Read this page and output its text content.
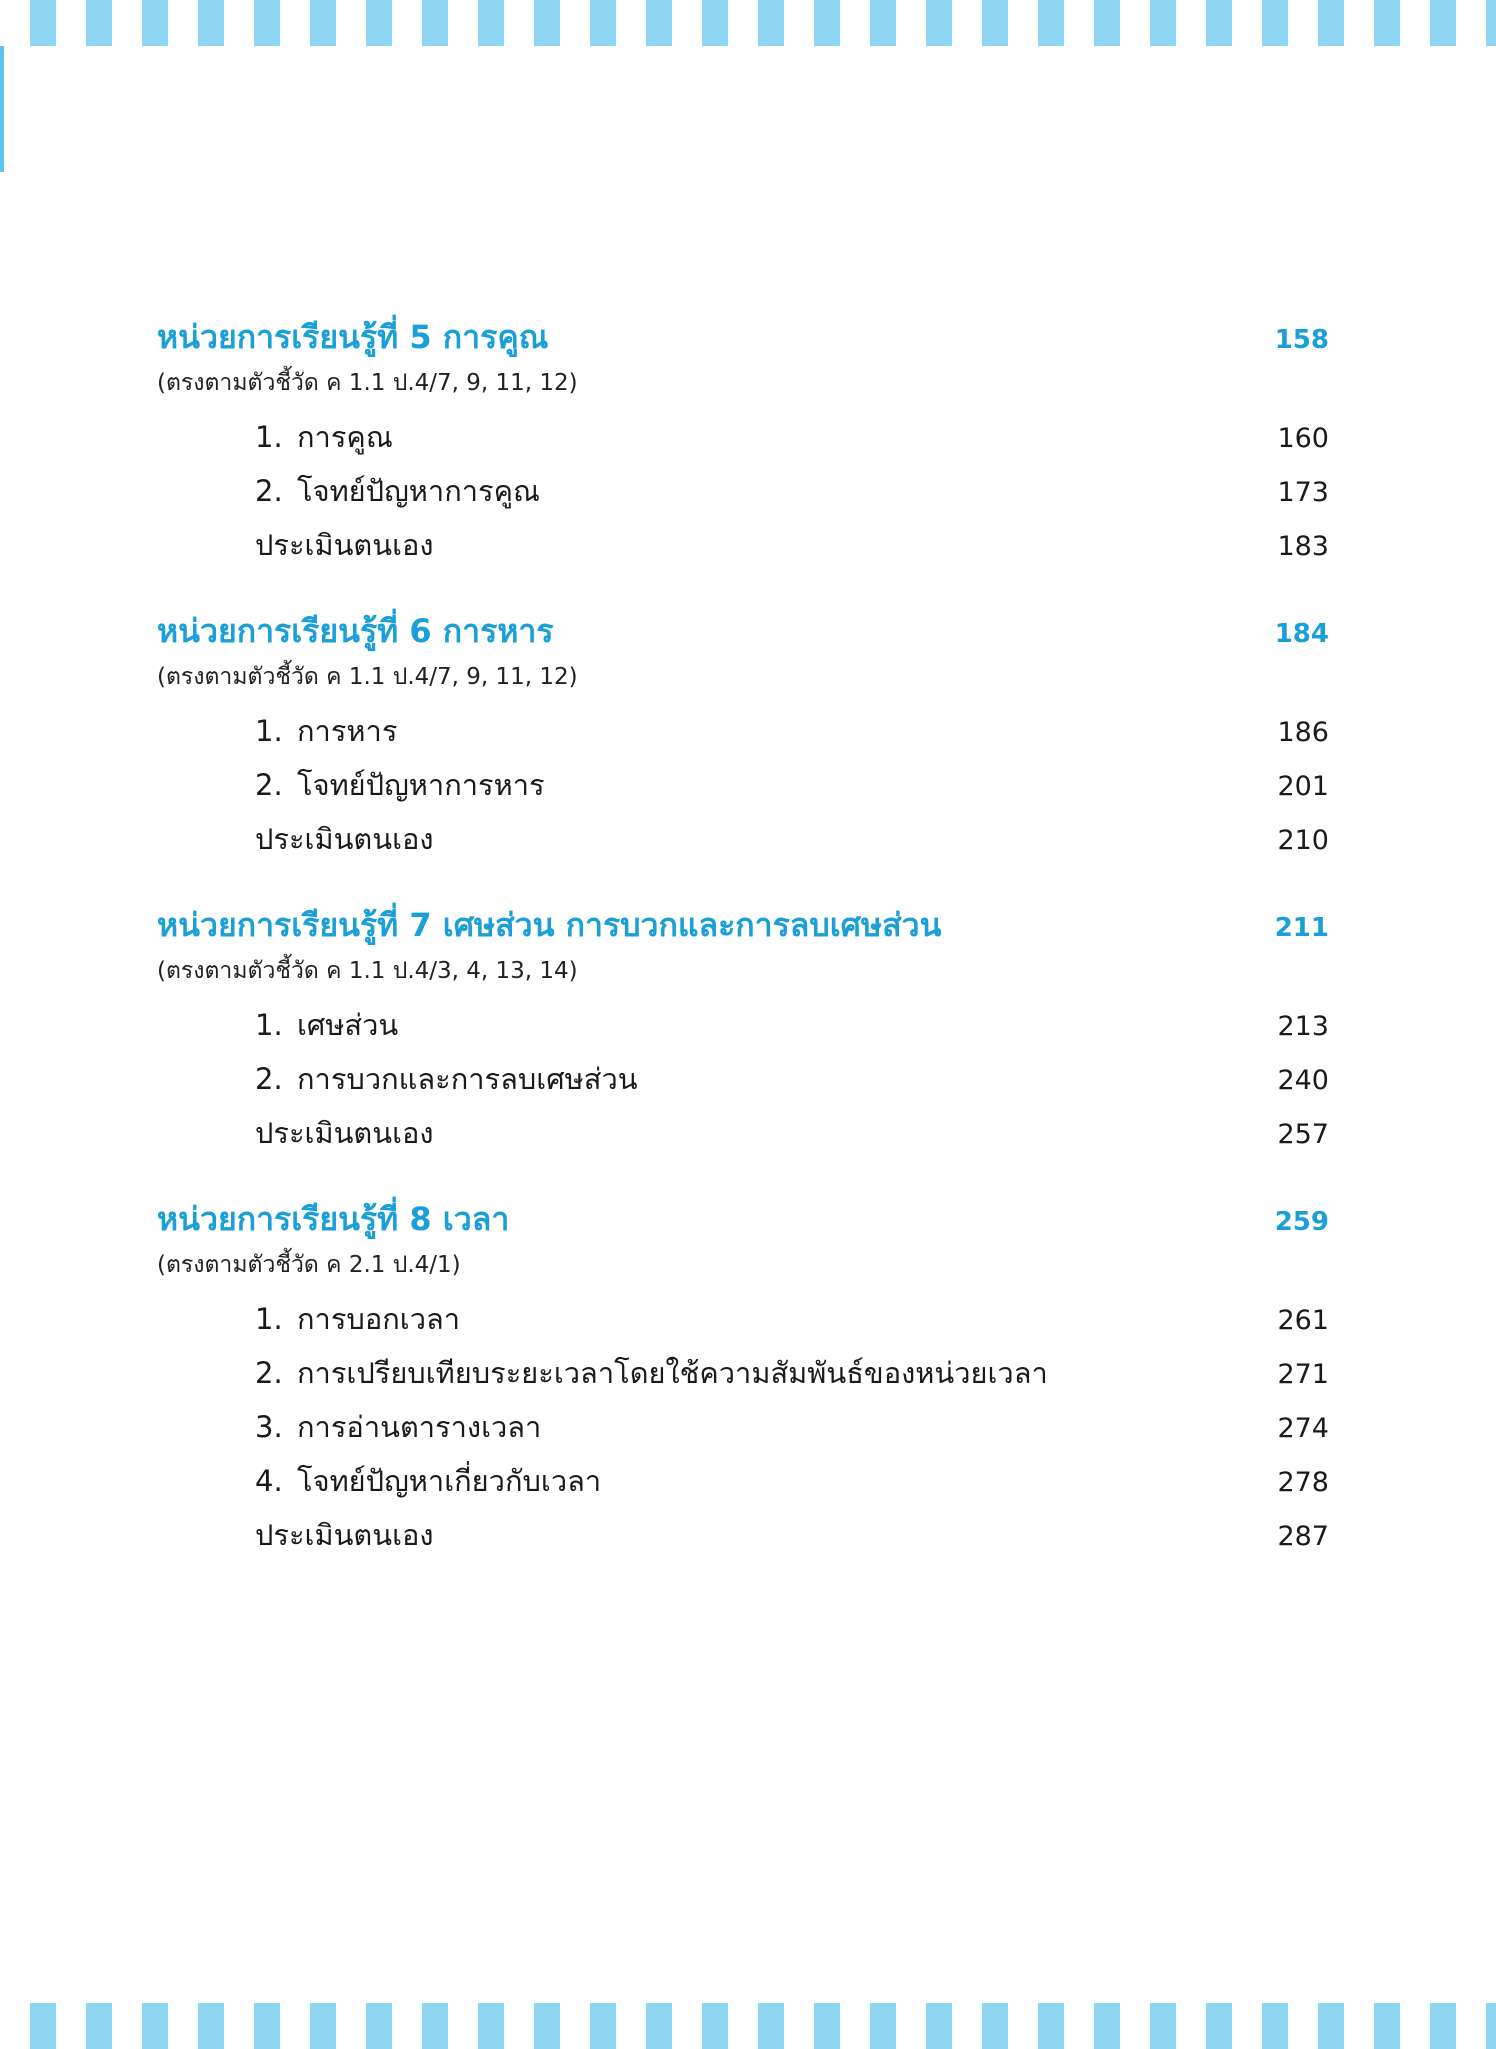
หน่วยการเรียนรู้ที่ 5 การคูณ	158
(ตรงตามตัวชี้วัด ค 1.1 ป.4/7, 9, 11, 12)
1. การคูณ	160
2. โจทย์ปัญหาการคูณ	173
ประเมินตนเอง	183
หน่วยการเรียนรู้ที่ 6 การหาร	184
(ตรงตามตัวชี้วัด ค 1.1 ป.4/7, 9, 11, 12)
1. การหาร	186
2. โจทย์ปัญหาการหาร	201
ประเมินตนเอง	210
หน่วยการเรียนรู้ที่ 7 เศษส่วน การบวกและการลบเศษส่วน	211
(ตรงตามตัวชี้วัด ค 1.1 ป.4/3, 4, 13, 14)
1. เศษส่วน	213
2. การบวกและการลบเศษส่วน	240
ประเมินตนเอง	257
หน่วยการเรียนรู้ที่ 8 เวลา	259
(ตรงตามตัวชี้วัด ค 2.1 ป.4/1)
1. การบอกเวลา	261
2. การเปรียบเทียบระยะเวลาโดยใช้ความสัมพันธ์ของหน่วยเวลา	271
3. การอ่านตารางเวลา	274
4. โจทย์ปัญหาเกี่ยวกับเวลา	278
ประเมินตนเอง	287
